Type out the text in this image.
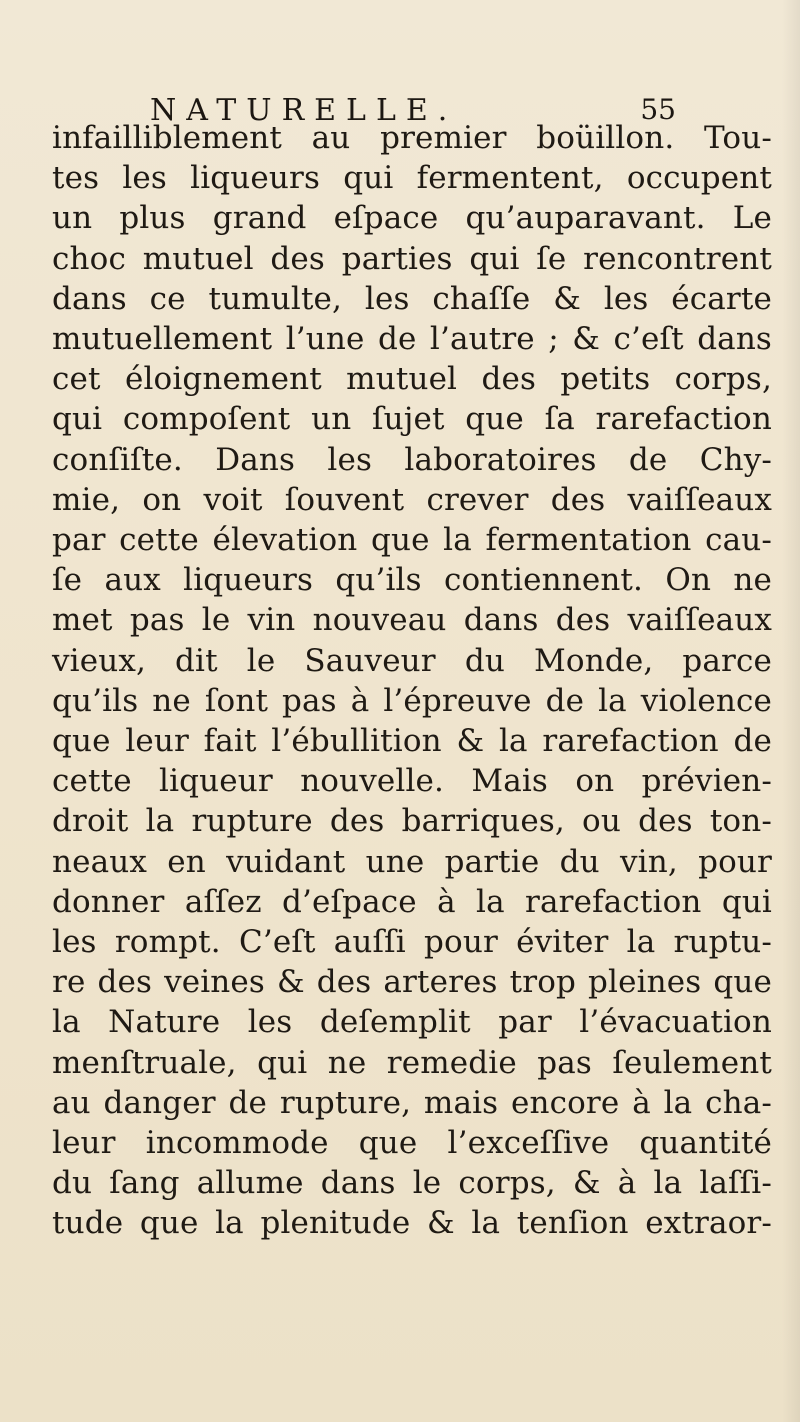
NATURELLE.	55
infailliblement au premier boüillon. Tou-
tes les liqueurs qui fermentent, occupent
un plus grand eſpace qu’auparavant. Le
choc mutuel des parties qui ſe rencontrent
dans ce tumulte, les chaſſe & les écarte
mutuellement l’une de l’autre ; & c’eſt dans
cet éloignement mutuel des petits corps,
qui compoſent un ſujet que ſa rarefaction
conſiſte. Dans les laboratoires de Chy-
mie, on voit ſouvent crever des vaiſſeaux
par cette élevation que la fermentation cau-
ſe aux liqueurs qu’ils contiennent. On ne
met pas le vin nouveau dans des vaiſſeaux
vieux, dit le Sauveur du Monde, parce
qu’ils ne ſont pas à l’épreuve de la violence
que leur fait l’ébullition & la rarefaction de
cette liqueur nouvelle. Mais on prévien-
droit la rupture des barriques, ou des ton-
neaux en vuidant une partie du vin, pour
donner aſſez d’eſpace à la rarefaction qui
les rompt. C’eſt auſſi pour éviter la ruptu-
re des veines & des arteres trop pleines que
la Nature les deſemplit par l’évacuation
menſtruale, qui ne remedie pas ſeulement
au danger de rupture, mais encore à la cha-
leur incommode que l’exceſſive quantité
du ſang allume dans le corps, & à la laſſi-
tude que la plenitude & la tenſion extraor-
